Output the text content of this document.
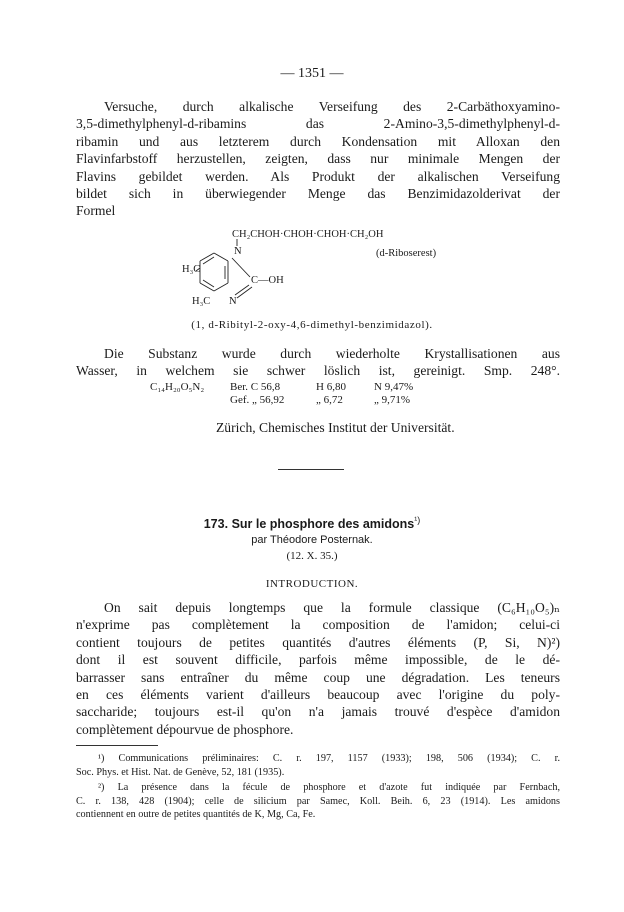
— 1351 —
Versuche, durch alkalische Verseifung des 2-Carbäthoxyamino-
3,5-dimethylphenyl-d-ribamins das 2-Amino-3,5-dimethylphenyl-d-
ribamin und aus letzterem durch Kondensation mit Alloxan den
Flavinfarbstoff herzustellen, zeigten, dass nur minimale Mengen der
Flavins gebildet werden. Als Produkt der alkalischen Verseifung
bildet sich in überwiegender Menge das Benzimidazolderivat der
Formel
CH₂CHOH·CHOH·CHOH·CH₂OH
(d-Riboserest)
N
H₃C
C—OH
H₃C N
(1, d-Ribityl-2-oxy-4,6-dimethyl-benzimidazol).
Die Substanz wurde durch wiederholte Krystallisationen aus
Wasser, in welchem sie schwer löslich ist, gereinigt. Smp. 248°.
C₁₄H₂₀O₅N₂ Ber. C 56,8	H 6,80	N 9,47%
Gef. „ 56,92	„ 6,72	„ 9,71%
Zürich, Chemisches Institut der Universität.
173. Sur le phosphore des amidons$^{^1)}$
par Théodore Posternak.
(12. X. 35.)
INTRODUCTION.
On sait depuis longtemps que la formule classique (C₆H₁₀O₅)ₙ
n'exprime pas complètement la composition de l'amidon; celui-ci
contient toujours de petites quantités d'autres éléments (P, Si, N)²)
dont il est souvent difficile, parfois même impossible, de le dé-
barrasser sans entraîner du même coup une dégradation. Les teneurs
en ces éléments varient d'ailleurs beaucoup avec l'origine du poly-
saccharide; toujours est-il qu'on n'a jamais trouvé d'espèce d'amidon
complètement dépourvue de phosphore.
¹) Communications préliminaires: C. r. 197, 1157 (1933); 198, 506 (1934); C. r.
Soc. Phys. et Hist. Nat. de Genève, 52, 181 (1935).
²) La présence dans la fécule de phosphore et d'azote fut indiquée par Fernbach,
C. r. 138, 428 (1904); celle de silicium par Samec, Koll. Beih. 6, 23 (1914). Les amidons
contiennent en outre de petites quantités de K, Mg, Ca, Fe.
